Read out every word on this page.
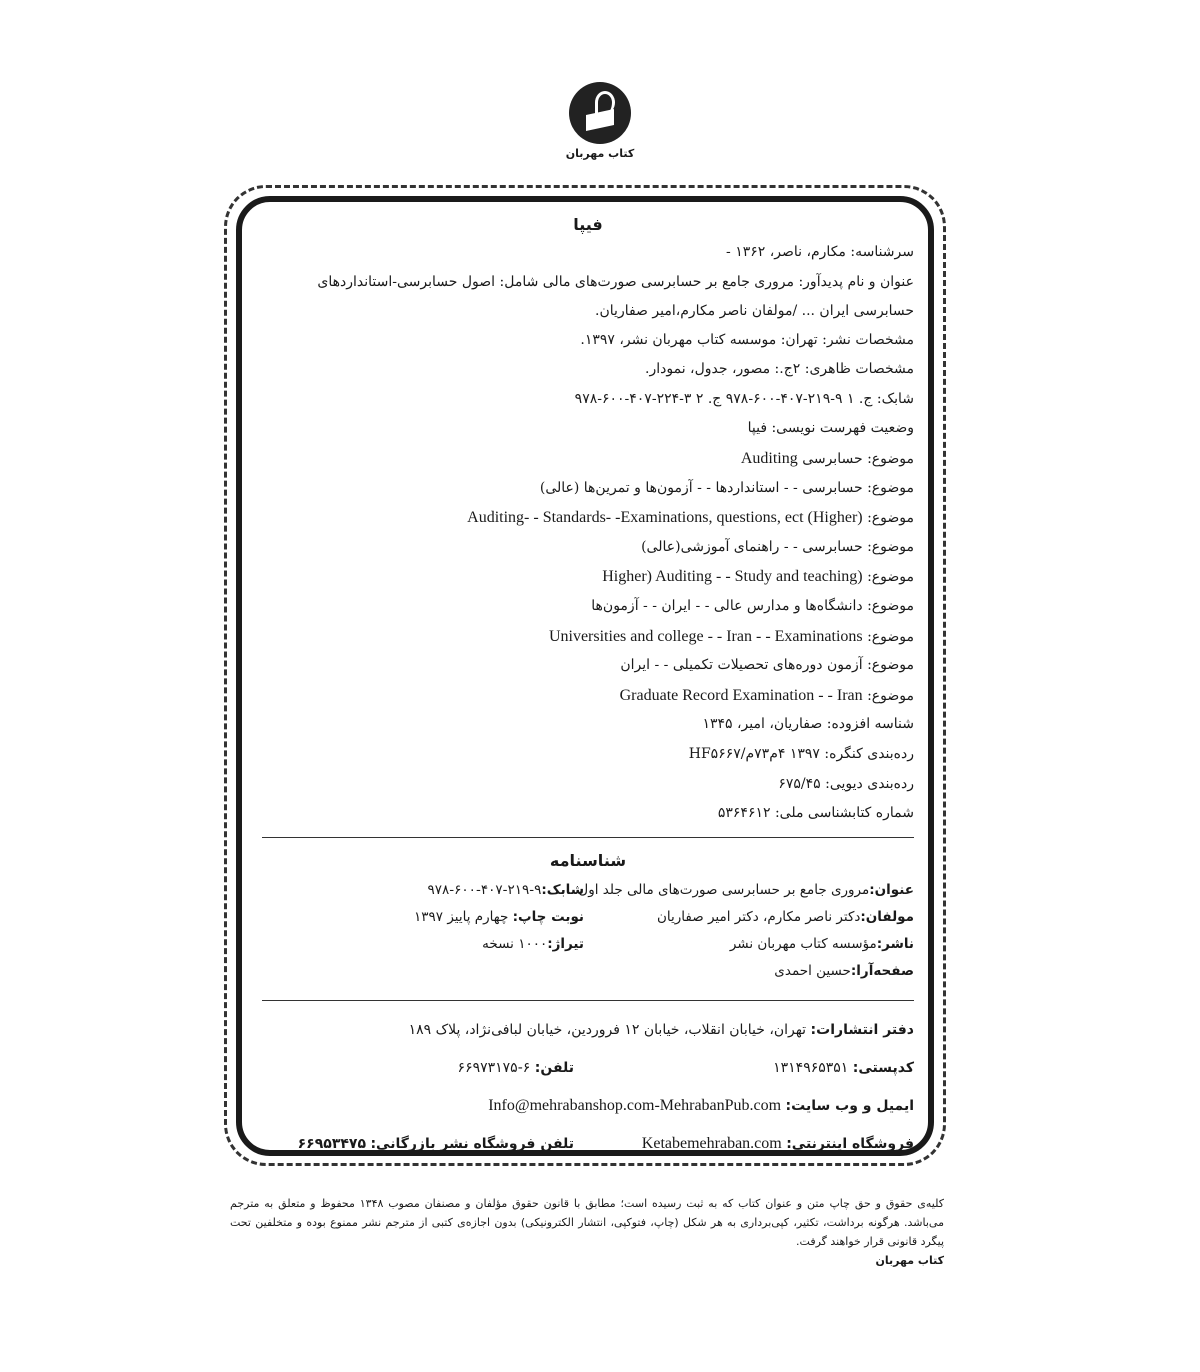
کتاب مهربان
فیپا
سرشناسه: مکارم، ناصر، ۱۳۶۲ -
عنوان و نام پدیدآور: مروری جامع بر حسابرسی صورت‌های مالی شامل: اصول حسابرسی-استانداردهای حسابرسی ایران ... /مولفان ناصر مکارم،امیر صفاریان.
مشخصات نشر: تهران: موسسه کتاب مهربان نشر، ۱۳۹۷.
مشخصات ظاهری: ۲ج.: مصور، جدول، نمودار.
شابک: ج. ۱ ۹-۲۱۹-۴۰۷-۶۰۰-۹۷۸ ج. ۲ ۳-۲۲۴-۴۰۷-۶۰۰-۹۷۸
وضعیت فهرست نویسی: فیپا
موضوع: حسابرسی Auditing
موضوع: حسابرسی - - استانداردها - - آزمون‌ها و تمرین‌ها (عالی)
موضوع: Auditing- - Standards- -Examinations, questions, ect (Higher)
موضوع: حسابرسی - - راهنمای آموزشی(عالی)
موضوع: Higher) Auditing - - Study and teaching)
موضوع: دانشگاه‌ها و مدارس عالی - - ایران - - آزمون‌ها
موضوع: Universities and college - - Iran - - Examinations
موضوع: آزمون دوره‌های تحصیلات تکمیلی - - ایران
موضوع: Graduate Record Examination - - Iran
شناسه افزوده: صفاریان، امیر، ۱۳۴۵
رده‌بندی کنگره: ۱۳۹۷ ۴م۷۳م/HF۵۶۶۷
رده‌بندی دیویی: ۶۷۵/۴۵
شماره کتابشناسی ملی: ۵۳۶۴۶۱۲
شناسنامه
عنوان:مروری جامع بر حسابرسی صورت‌های مالی جلد اول
شابک:۹-۲۱۹-۴۰۷-۶۰۰-۹۷۸
مولفان:دکتر ناصر مکارم، دکتر امیر صفاریان
نوبت چاپ: چهارم پاییز ۱۳۹۷
ناشر:مؤسسه کتاب مهربان نشر
تیراژ:۱۰۰۰ نسخه
صفحه‌آرا:حسین احمدی
دفتر انتشارات: تهران، خیابان انقلاب، خیابان ۱۲ فروردین، خیابان لبافی‌نژاد، پلاک ۱۸۹
کدپستی: ۱۳۱۴۹۶۵۳۵۱
تلفن: ۶-۶۶۹۷۳۱۷۵
ایمیل و وب سایت: Info@mehrabanshop.com-MehrabanPub.com
فروشگاه اینترنتی: Ketabemehraban.com
تلفن فروشگاه نشر بازرگانی: ۶۶۹۵۳۴۷۵
کلیه‌ی حقوق و حق چاپ متن و عنوان کتاب که به ثبت رسیده است؛ مطابق با قانون حقوق مؤلفان و مصنفان مصوب ۱۳۴۸ محفوظ و متعلق به مترجم می‌باشد. هرگونه برداشت، تکثیر، کپی‌برداری به هر شکل (چاپ، فتوکپی، انتشار الکترونیکی) بدون اجازه‌ی کتبی از مترجم نشر ممنوع بوده و متخلفین تحت پیگرد قانونی قرار خواهند گرفت.
کتاب مهربان
